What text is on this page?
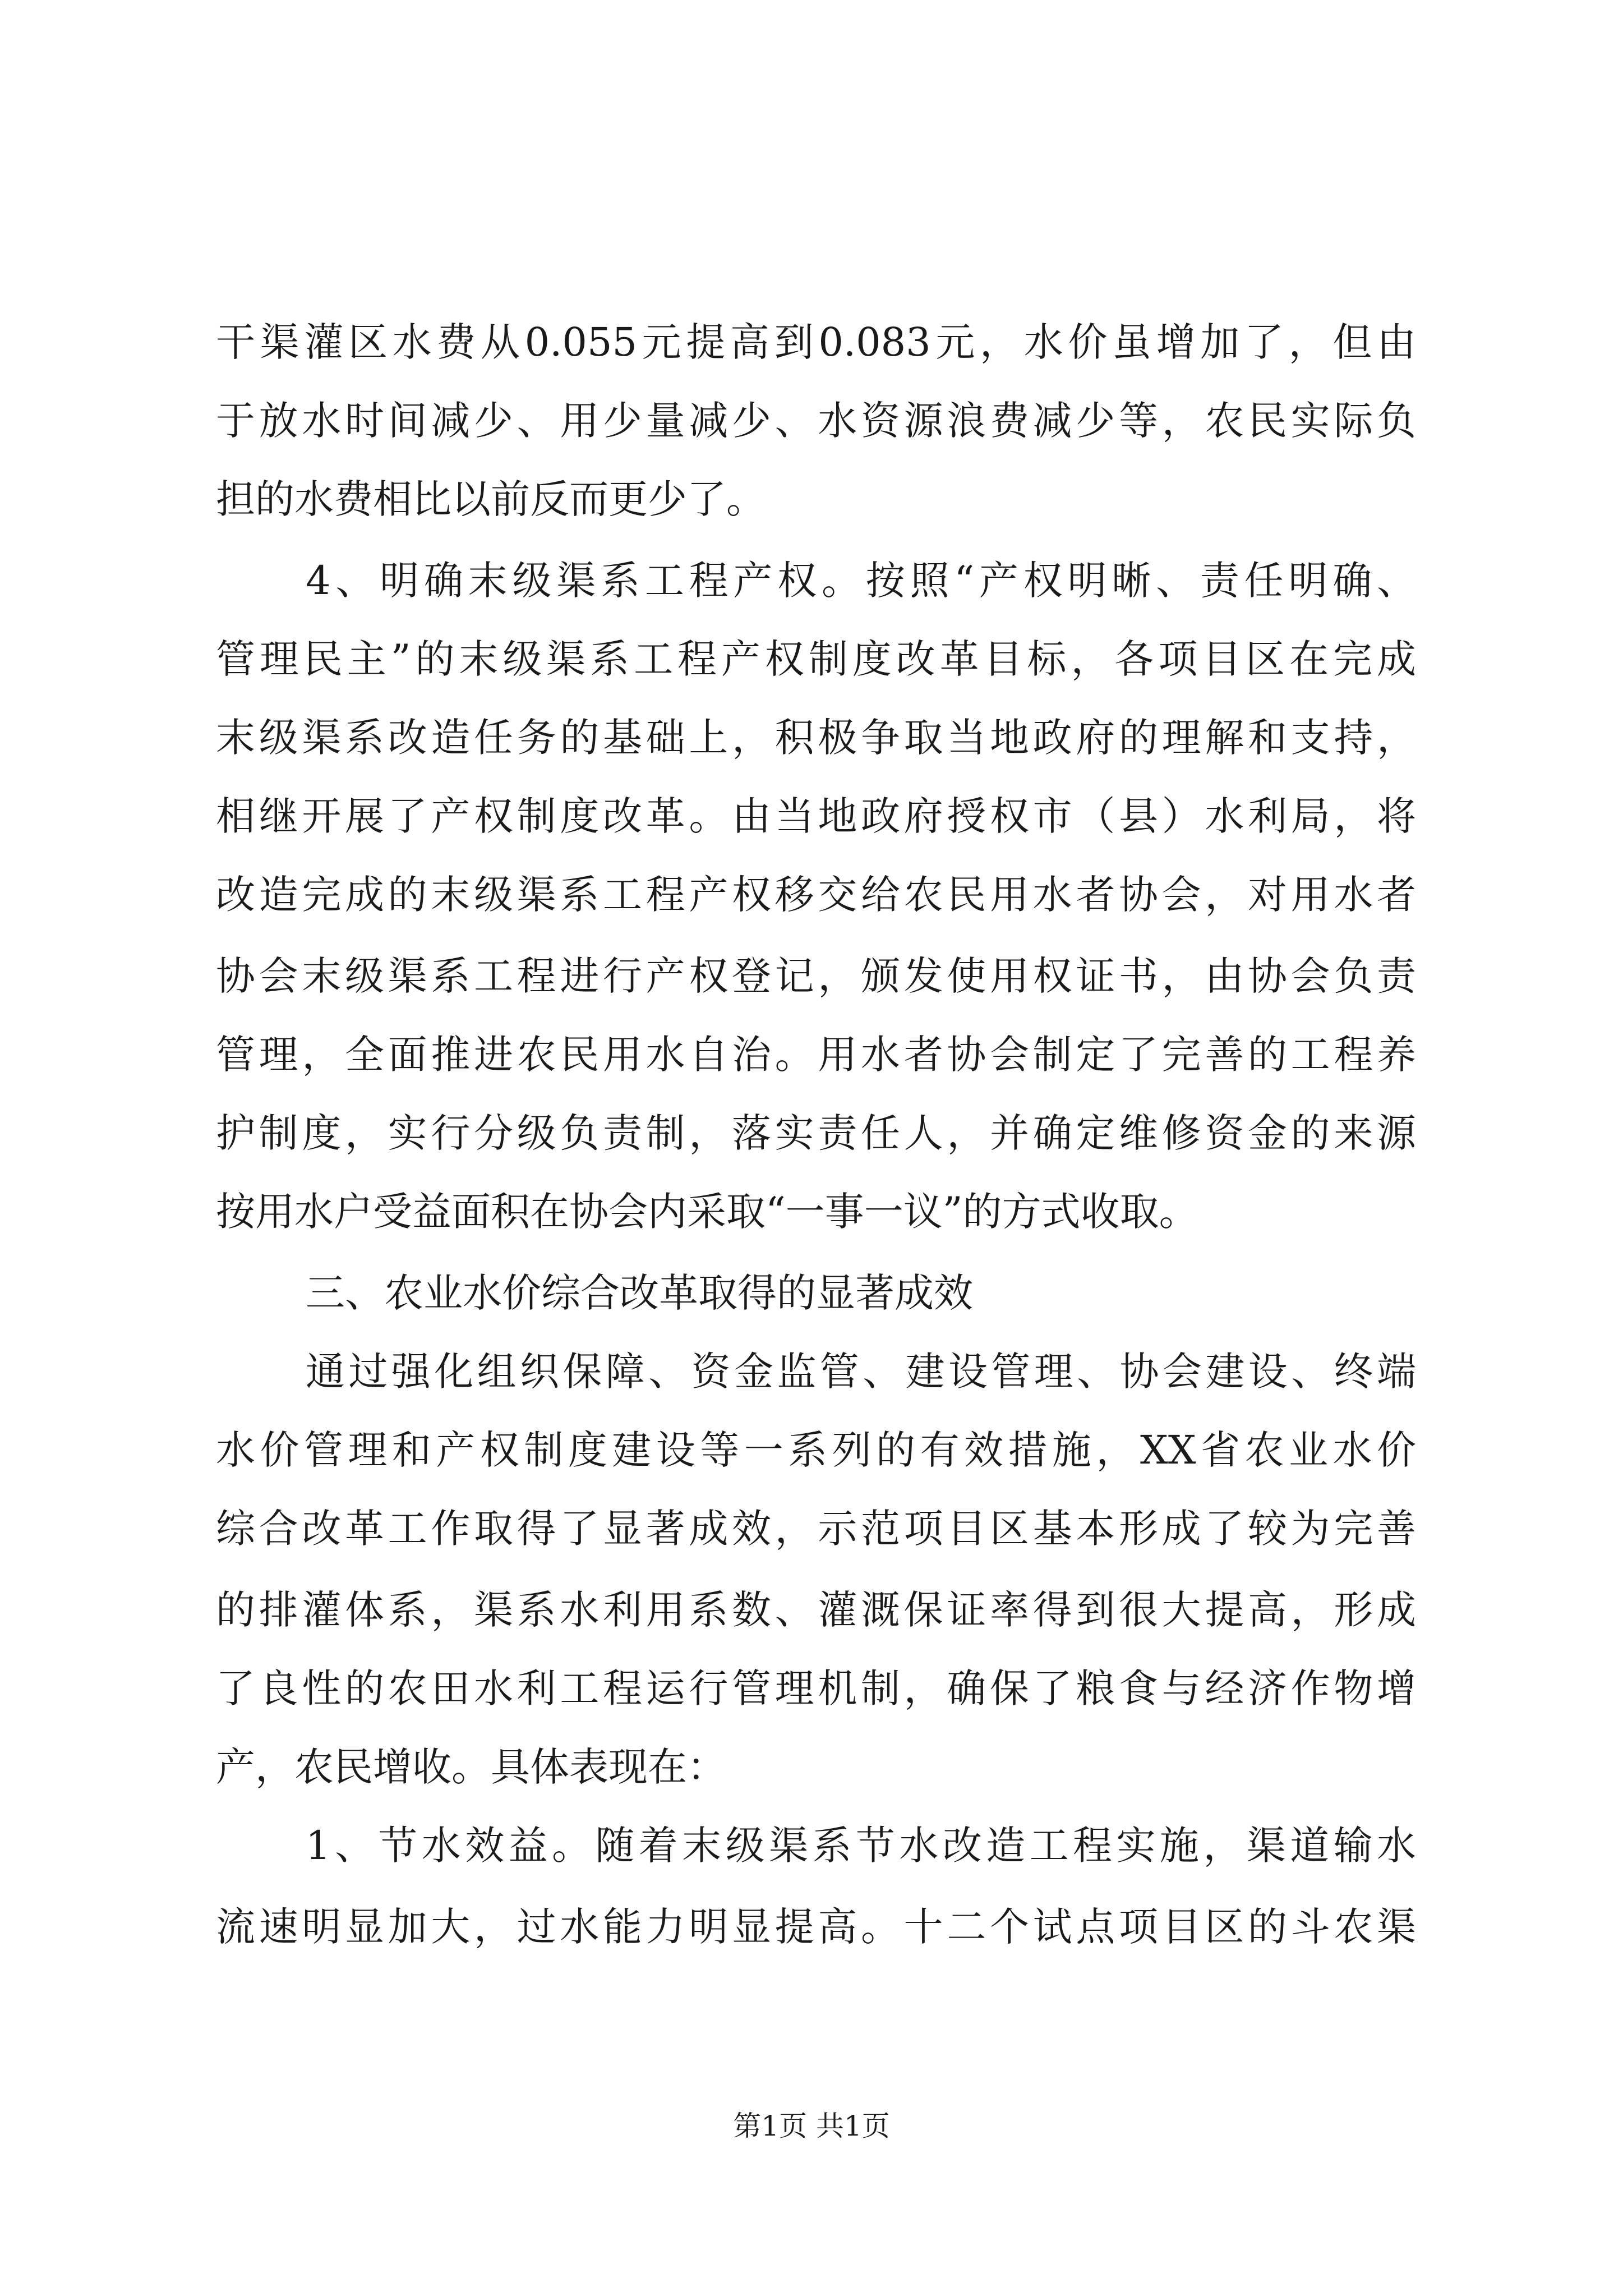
干渠灌区水费从0.055元提高到0.083元，水价虽增加了，但由
于放水时间减少、用少量减少、水资源浪费减少等，农民实际负
担的水费相比以前反而更少了。
4、明确末级渠系工程产权。按照“产权明晰、责任明确、
管理民主”的末级渠系工程产权制度改革目标，各项目区在完成
末级渠系改造任务的基础上，积极争取当地政府的理解和支持，
相继开展了产权制度改革。由当地政府授权市（县）水利局，将
改造完成的末级渠系工程产权移交给农民用水者协会，对用水者
协会末级渠系工程进行产权登记，颁发使用权证书，由协会负责
管理，全面推进农民用水自治。用水者协会制定了完善的工程养
护制度，实行分级负责制，落实责任人，并确定维修资金的来源
按用水户受益面积在协会内采取“一事一议”的方式收取。
三、农业水价综合改革取得的显著成效
通过强化组织保障、资金监管、建设管理、协会建设、终端
水价管理和产权制度建设等一系列的有效措施，XX省农业水价
综合改革工作取得了显著成效，示范项目区基本形成了较为完善
的排灌体系，渠系水利用系数、灌溉保证率得到很大提高，形成
了良性的农田水利工程运行管理机制，确保了粮食与经济作物增
产，农民增收。具体表现在：
1、节水效益。随着末级渠系节水改造工程实施，渠道输水
流速明显加大，过水能力明显提高。十二个试点项目区的斗农渠
第1页 共1页
